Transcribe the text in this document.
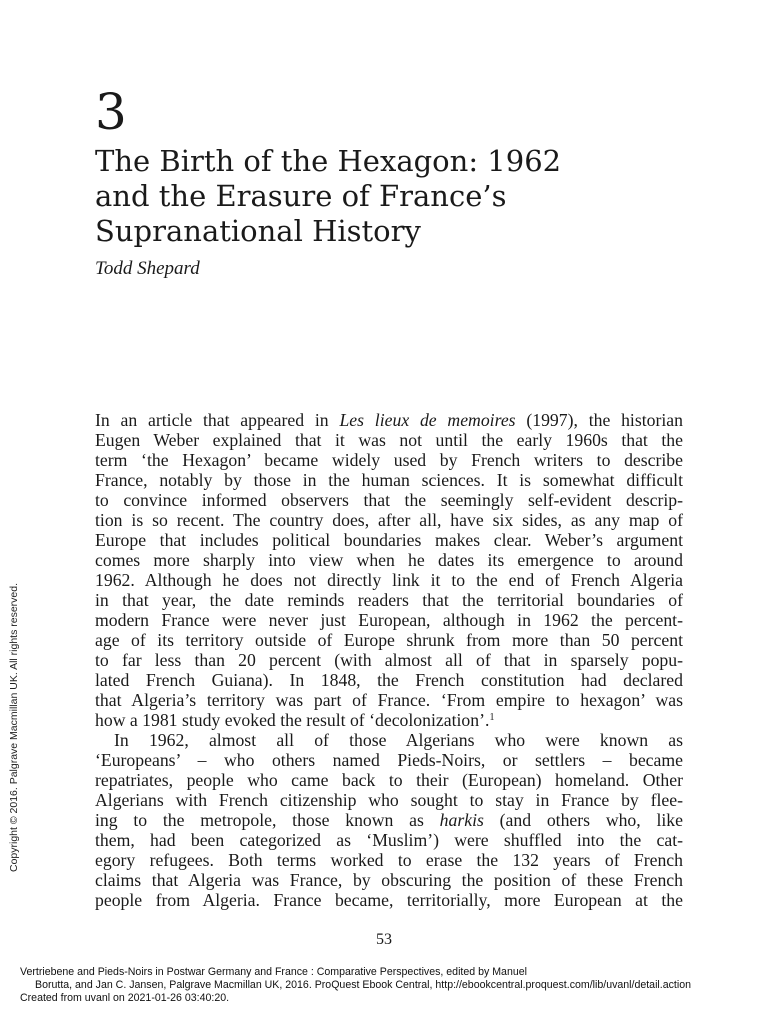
3
The Birth of the Hexagon: 1962
and the Erasure of France’s
Supranational History
Todd Shepard
In an article that appeared in Les lieux de memoires (1997), the historian
Eugen Weber explained that it was not until the early 1960s that the
term ‘the Hexagon’ became widely used by French writers to describe
France, notably by those in the human sciences. It is somewhat difficult
to convince informed observers that the seemingly self-evident descrip-
tion is so recent. The country does, after all, have six sides, as any map of
Europe that includes political boundaries makes clear. Weber’s argument
comes more sharply into view when he dates its emergence to around
1962. Although he does not directly link it to the end of French Algeria
in that year, the date reminds readers that the territorial boundaries of
modern France were never just European, although in 1962 the percent-
age of its territory outside of Europe shrunk from more than 50 percent
to far less than 20 percent (with almost all of that in sparsely popu-
lated French Guiana). In 1848, the French constitution had declared
that Algeria’s territory was part of France. ‘From empire to hexagon’ was
how a 1981 study evoked the result of ‘decolonization’.$^1$
In 1962, almost all of those Algerians who were known as
‘Europeans’ – who others named Pieds-Noirs, or settlers – became
repatriates, people who came back to their (European) homeland. Other
Algerians with French citizenship who sought to stay in France by flee-
ing to the metropole, those known as harkis (and others who, like
them, had been categorized as ‘Muslim’) were shuffled into the cat-
egory refugees. Both terms worked to erase the 132 years of French
claims that Algeria was France, by obscuring the position of these French
people from Algeria. France became, territorially, more European at the
53
Copyright © 2016. Palgrave Macmillan UK. All rights reserved.
Vertriebene and Pieds-Noirs in Postwar Germany and France : Comparative Perspectives, edited by Manuel
Borutta, and Jan C. Jansen, Palgrave Macmillan UK, 2016. ProQuest Ebook Central, http://ebookcentral.proquest.com/lib/uvanl/detail.action
Created from uvanl on 2021-01-26 03:40:20.
